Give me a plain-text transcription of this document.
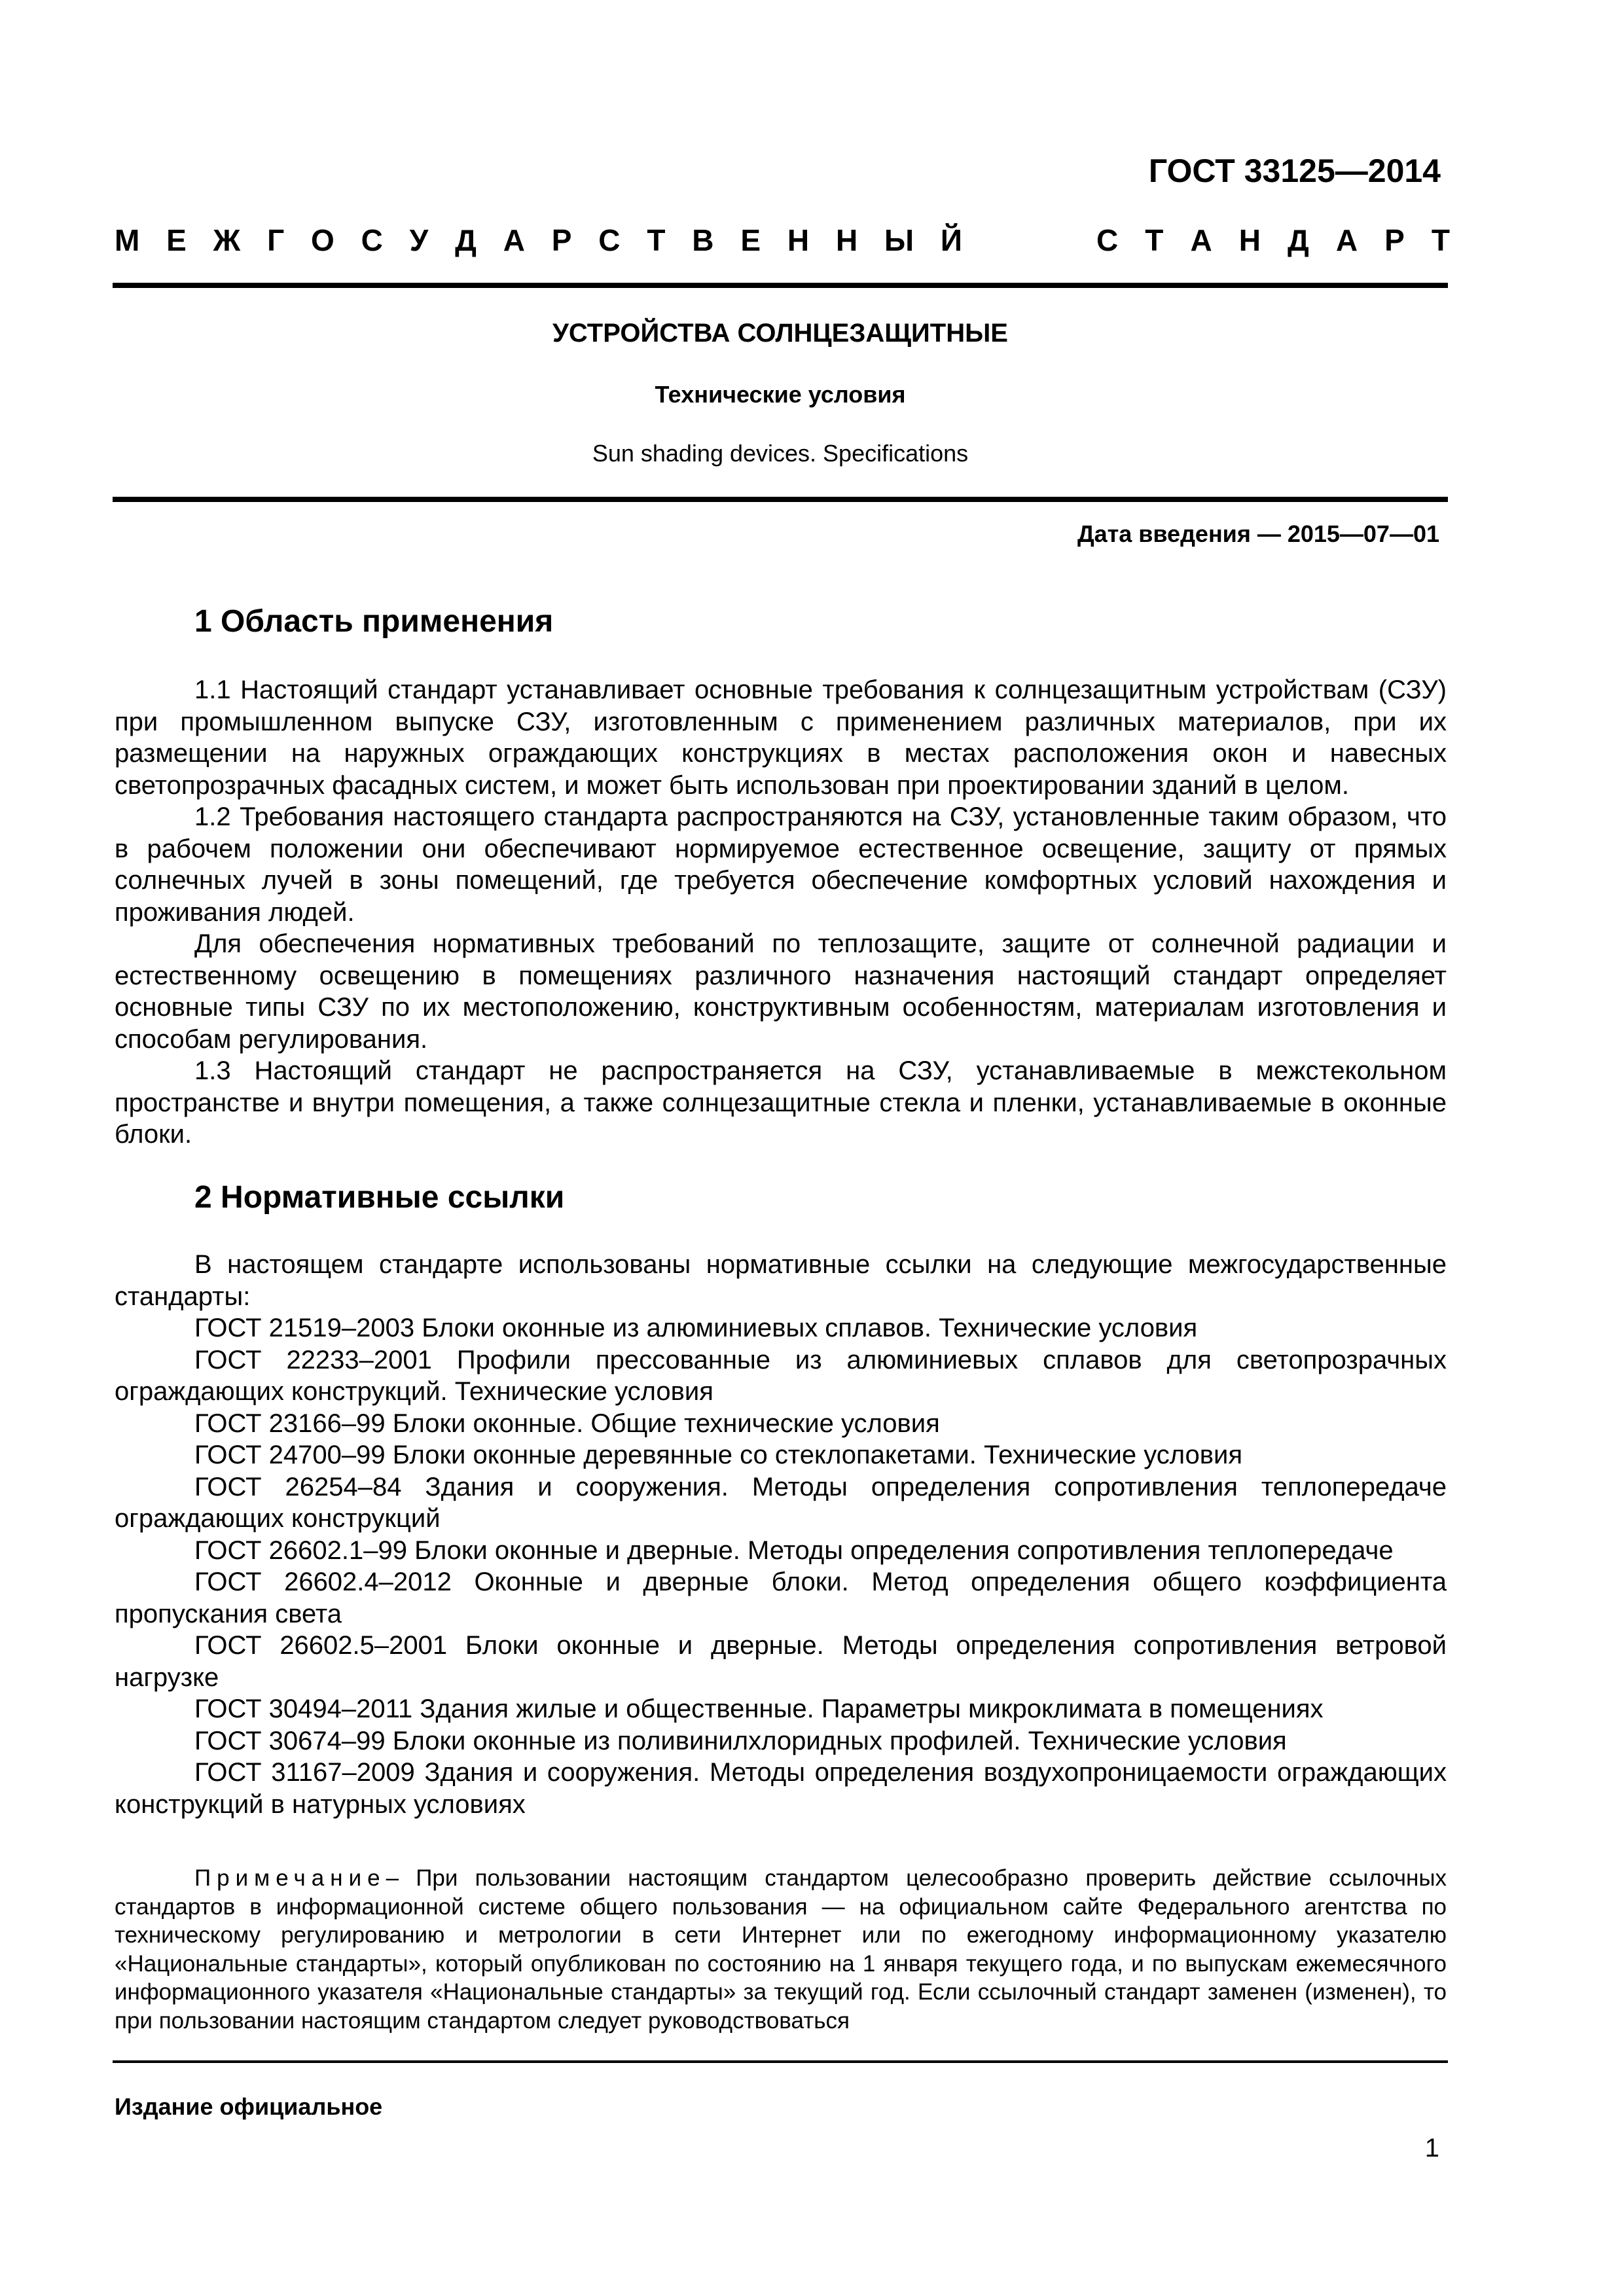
ГОСТ 33125—2014

М Е Ж Г О С У Д А Р С Т В Е Н Н Ы Й	С Т А Н Д А Р Т

УСТРОЙСТВА СОЛНЦЕЗАЩИТНЫЕ

Технические условия

Sun shading devices. Specifications

Дата введения — 2015—07—01

1 Область применения

1.1 Настоящий стандарт устанавливает основные требования к солнцезащитным устройствам (СЗУ) при промышленном выпуске СЗУ, изготовленным с применением различных материалов, при их размещении на наружных ограждающих конструкциях в местах расположения окон и навесных светопрозрачных фасадных систем, и может быть использован при проектировании зданий в целом.

1.2 Требования настоящего стандарта распространяются на СЗУ, установленные таким образом, что в рабочем положении они обеспечивают нормируемое естественное освещение, защиту от прямых солнечных лучей в зоны помещений, где требуется обеспечение комфортных условий нахождения и проживания людей.

Для обеспечения нормативных требований по теплозащите, защите от солнечной радиации и естественному освещению в помещениях различного назначения настоящий стандарт определяет основные типы СЗУ по их местоположению, конструктивным особенностям, материалам изготовления и способам регулирования.

1.3 Настоящий стандарт не распространяется на СЗУ, устанавливаемые в межстекольном пространстве и внутри помещения, а также солнцезащитные стекла и пленки, устанавливаемые в оконные блоки.

2 Нормативные ссылки

В настоящем стандарте использованы нормативные ссылки на следующие межгосударственные стандарты:

ГОСТ 21519–2003 Блоки оконные из алюминиевых сплавов. Технические условия

ГОСТ 22233–2001 Профили прессованные из алюминиевых сплавов для светопрозрачных ограждающих конструкций. Технические условия

ГОСТ 23166–99 Блоки оконные. Общие технические условия

ГОСТ 24700–99 Блоки оконные деревянные со стеклопакетами. Технические условия

ГОСТ 26254–84 Здания и сооружения. Методы определения сопротивления теплопередаче ограждающих конструкций

ГОСТ 26602.1–99 Блоки оконные и дверные. Методы определения сопротивления теплопередаче

ГОСТ 26602.4–2012 Оконные и дверные блоки. Метод определения общего коэффициента пропускания света

ГОСТ 26602.5–2001 Блоки оконные и дверные. Методы определения сопротивления ветровой нагрузке

ГОСТ 30494–2011 Здания жилые и общественные. Параметры микроклимата в помещениях

ГОСТ 30674–99 Блоки оконные из поливинилхлоридных профилей. Технические условия

ГОСТ 31167–2009 Здания и сооружения. Методы определения воздухопроницаемости ограждающих конструкций в натурных условиях

Примечание– При пользовании настоящим стандартом целесообразно проверить действие ссылочных стандартов в информационной системе общего пользования — на официальном сайте Федерального агентства по техническому регулированию и метрологии в сети Интернет или по ежегодному информационному указателю «Национальные стандарты», который опубликован по состоянию на 1 января текущего года, и по выпускам ежемесячного информационного указателя «Национальные стандарты» за текущий год. Если ссылочный стандарт заменен (изменен), то при пользовании настоящим стандартом следует руководствоваться

Издание официальное

1
